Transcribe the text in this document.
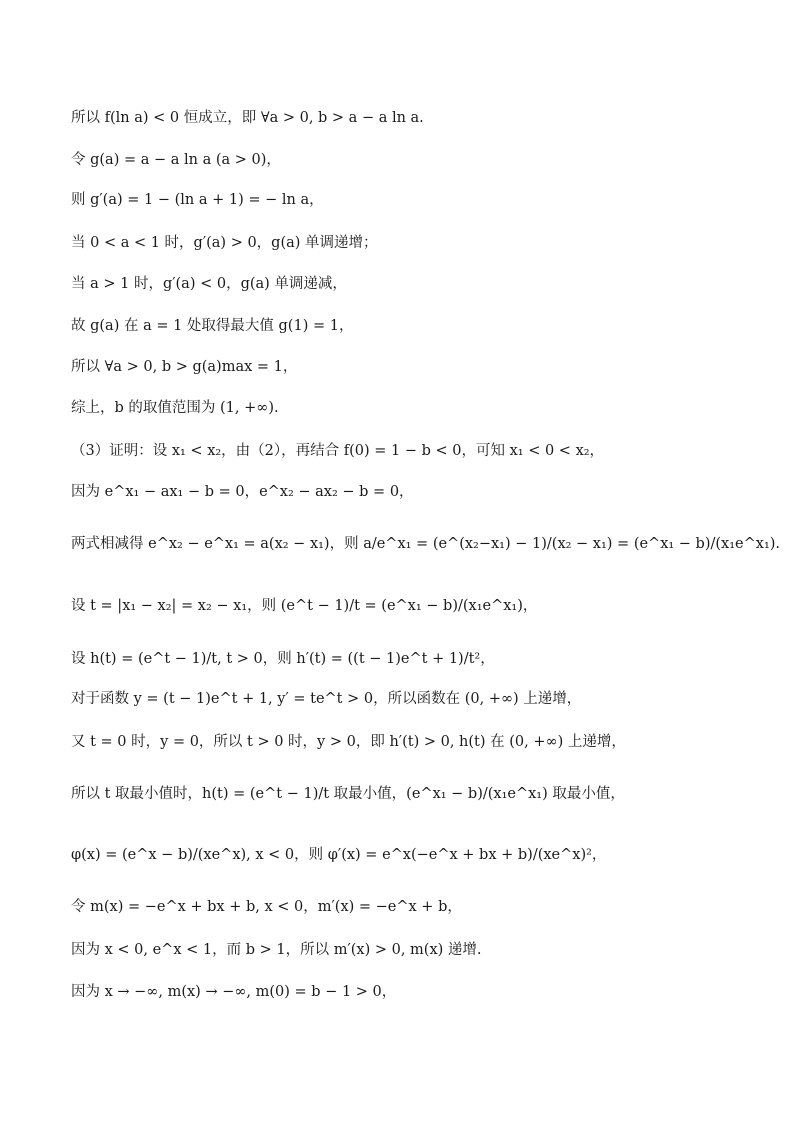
所以 f(ln a) < 0 恒成立，即 ∀a > 0, b > a − a ln a.
令 g(a) = a − a ln a (a > 0)，
则 g′(a) = 1 − (ln a + 1) = − ln a，
当 0 < a < 1 时，g′(a) > 0，g(a) 单调递增；
当 a > 1 时，g′(a) < 0，g(a) 单调递减，
故 g(a) 在 a = 1 处取得最大值 g(1) = 1，
所以 ∀a > 0, b > g(a)max = 1，
综上，b 的取值范围为 (1, +∞).
（3）证明：设 x₁ < x₂，由（2），再结合 f(0) = 1 − b < 0，可知 x₁ < 0 < x₂，
因为 e^x₁ − ax₁ − b = 0，e^x₂ − ax₂ − b = 0，
两式相减得 e^x₂ − e^x₁ = a(x₂ − x₁)，则 a/e^x₁ = (e^(x₂−x₁) − 1)/(x₂ − x₁) = (e^x₁ − b)/(x₁e^x₁).
设 t = |x₁ − x₂| = x₂ − x₁，则 (e^t − 1)/t = (e^x₁ − b)/(x₁e^x₁)，
设 h(t) = (e^t − 1)/t, t > 0，则 h′(t) = ((t − 1)e^t + 1)/t²，
对于函数 y = (t − 1)e^t + 1, y′ = te^t > 0，所以函数在 (0, +∞) 上递增，
又 t = 0 时，y = 0，所以 t > 0 时，y > 0，即 h′(t) > 0, h(t) 在 (0, +∞) 上递增，
所以 t 取最小值时，h(t) = (e^t − 1)/t 取最小值，(e^x₁ − b)/(x₁e^x₁) 取最小值，
φ(x) = (e^x − b)/(xe^x), x < 0，则 φ′(x) = e^x(−e^x + bx + b)/(xe^x)²，
令 m(x) = −e^x + bx + b, x < 0，m′(x) = −e^x + b，
因为 x < 0, e^x < 1，而 b > 1，所以 m′(x) > 0, m(x) 递增.
因为 x → −∞, m(x) → −∞, m(0) = b − 1 > 0，
